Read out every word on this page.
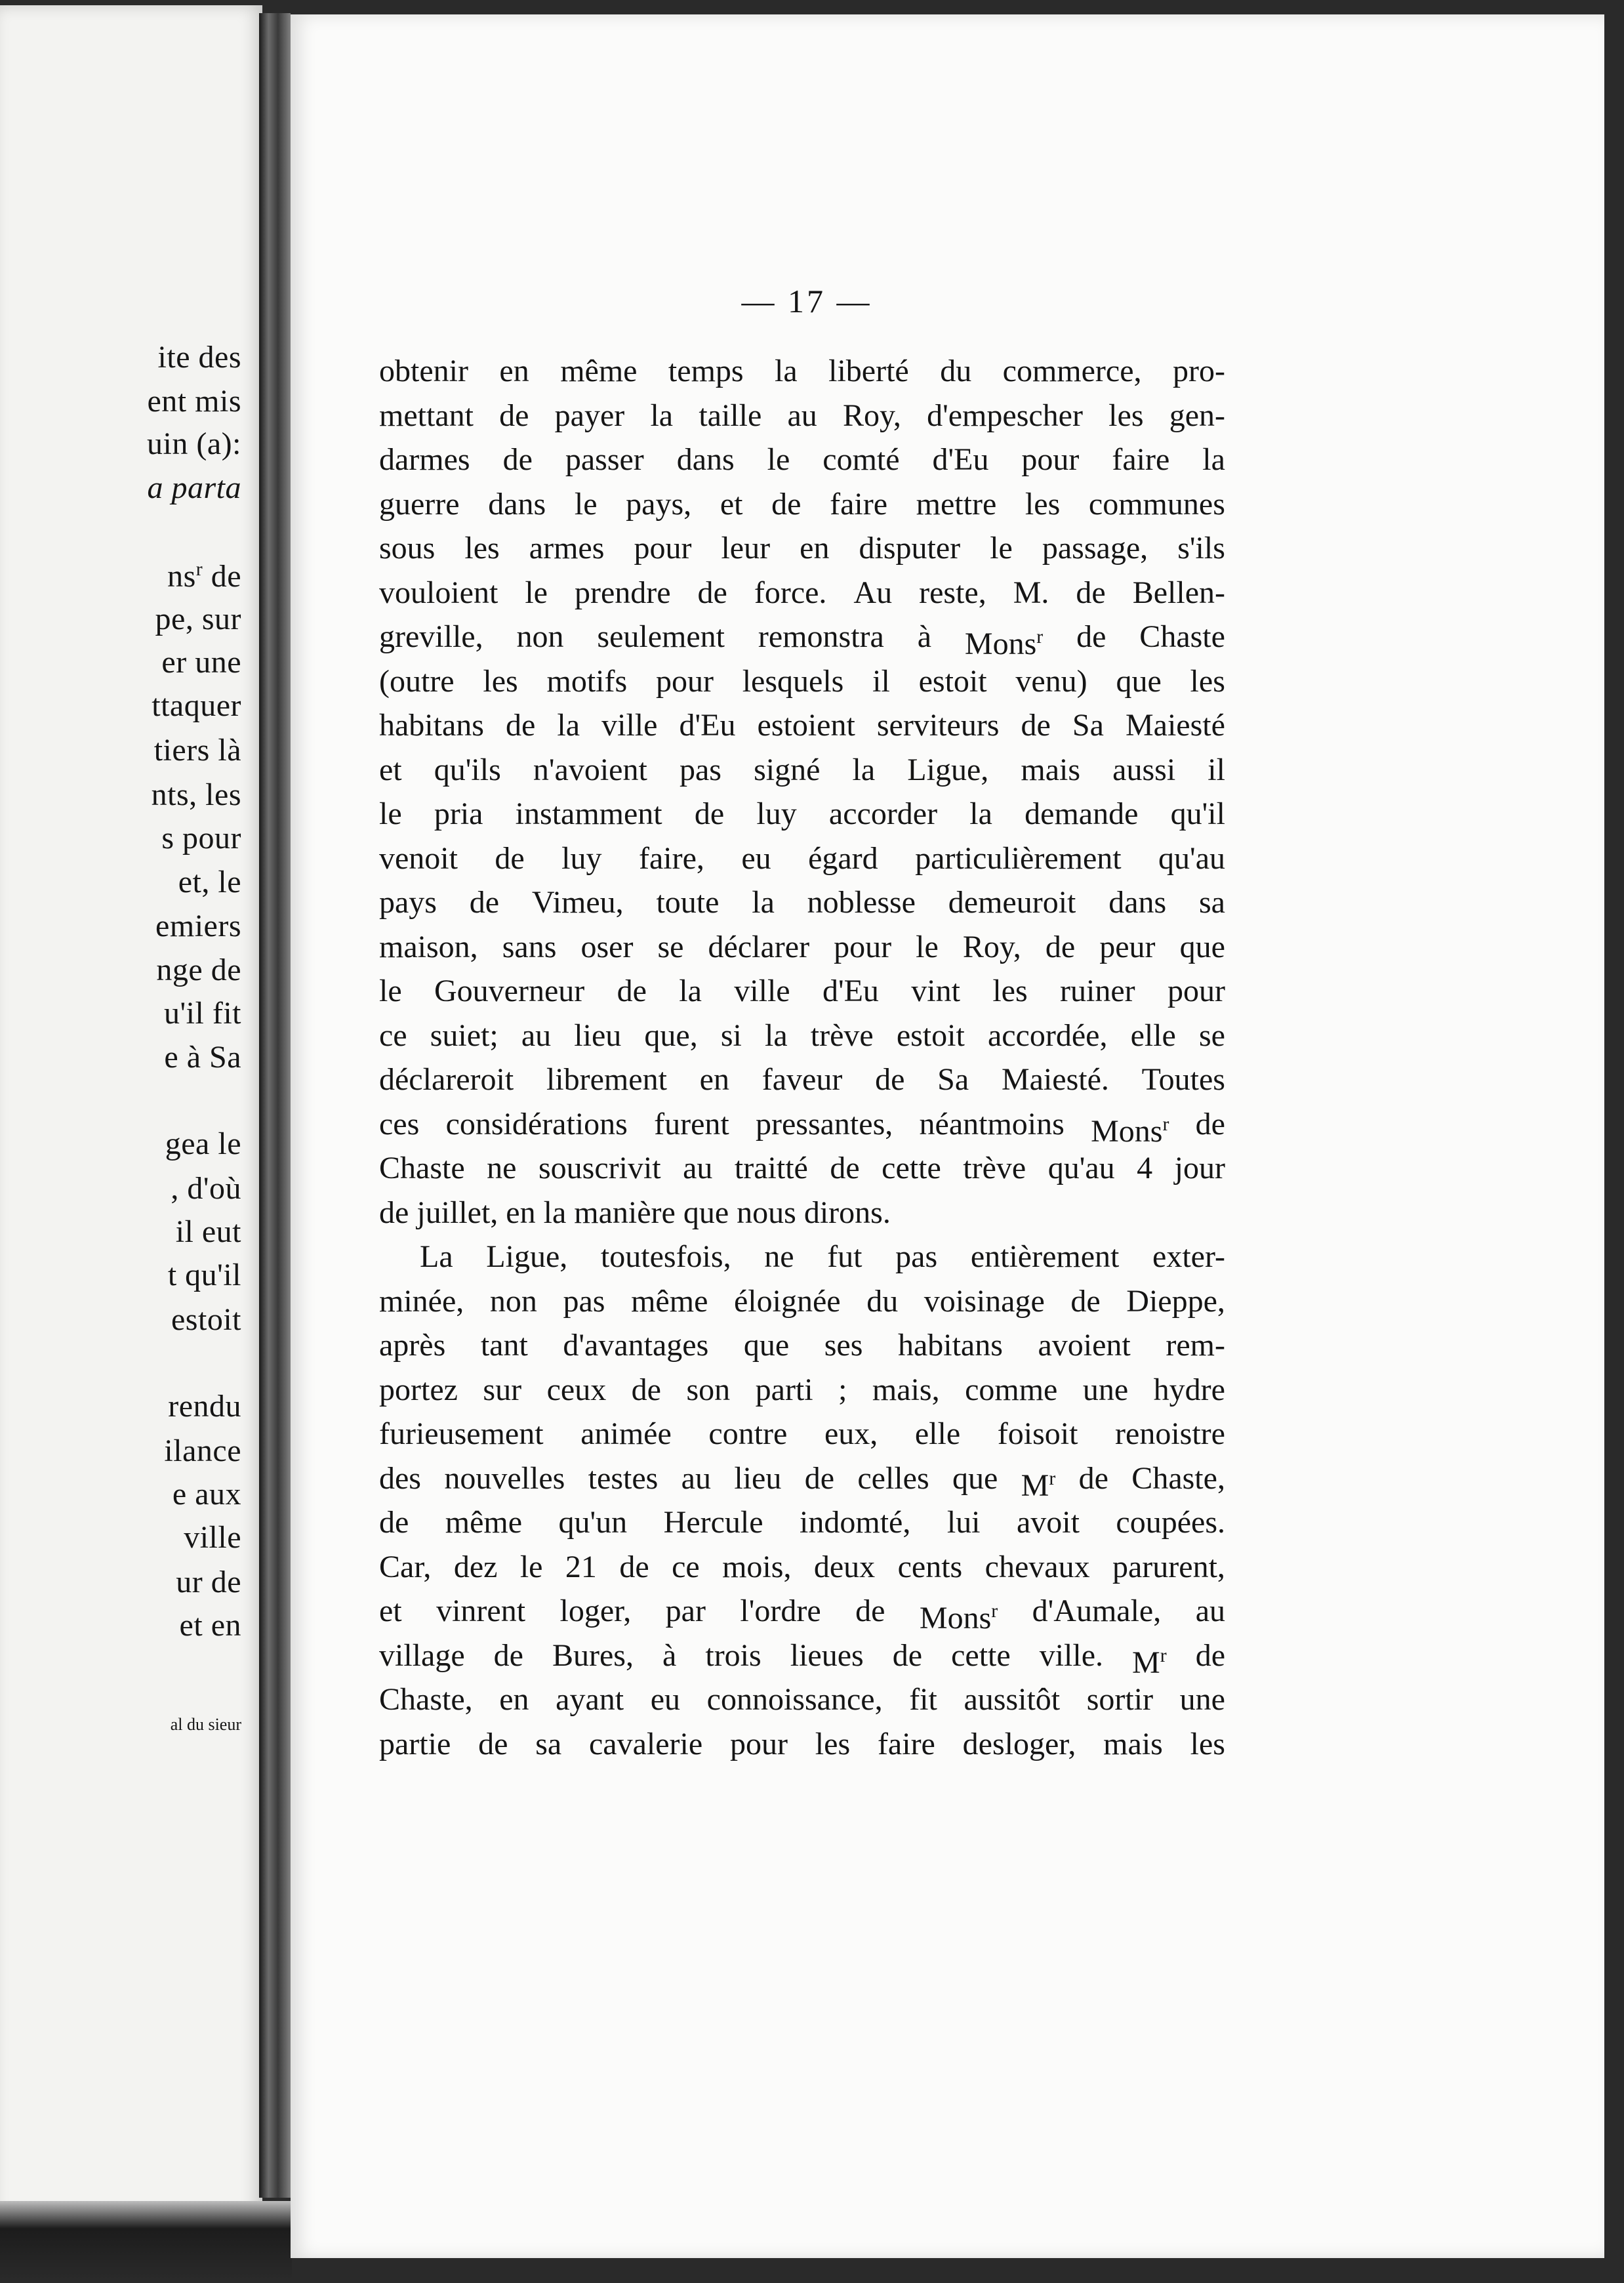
ite des
ent mis
uin (a):
a parta
$ns^r$ de
pe, sur
er une
ttaquer
tiers là
nts, les
s pour
et, le
emiers
nge de
u'il fit
e à Sa
gea le
, d'où
il eut
t qu'il
estoit
rendu
ilance
e aux
ville
ur de
et en
al du sieur
— 17 —
obtenir en même temps la liberté du commerce, pro-
mettant de payer la taille au Roy, d'empescher les gen-
darmes de passer dans le comté d'Eu pour faire la
guerre dans le pays, et de faire mettre les communes
sous les armes pour leur en disputer le passage, s'ils
vouloient le prendre de force. Au reste, M. de Bellen-
greville, non seulement remonstra à Mons$^r$ de Chaste
(outre les motifs pour lesquels il estoit venu) que les
habitans de la ville d'Eu estoient serviteurs de Sa Maiesté
et qu'ils n'avoient pas signé la Ligue, mais aussi il
le pria instamment de luy accorder la demande qu'il
venoit de luy faire, eu égard particulièrement qu'au
pays de Vimeu, toute la noblesse demeuroit dans sa
maison, sans oser se déclarer pour le Roy, de peur que
le Gouverneur de la ville d'Eu vint les ruiner pour
ce suiet; au lieu que, si la trève estoit accordée, elle se
déclareroit librement en faveur de Sa Maiesté. Toutes
ces considérations furent pressantes, néantmoins Mons$^r$ de
Chaste ne souscrivit au traitté de cette trève qu'au 4 jour
de
juillet,
en
la
manière
que
nous
dirons.
La Ligue, toutesfois, ne fut pas entièrement exter-
minée, non pas même éloignée du voisinage de Dieppe,
après tant d'avantages que ses habitans avoient rem-
portez sur ceux de son parti ; mais, comme une hydre
furieusement animée contre eux, elle foisoit renoistre
des nouvelles testes au lieu de celles que $M^r$ de Chaste,
de même qu'un Hercule indomté, lui avoit coupées.
Car, dez le 21 de ce mois, deux cents chevaux parurent,
et vinrent loger, par l'ordre de Mons$^r$ d'Aumale, au
village de Bures, à trois lieues de cette ville. $M^r$ de
Chaste, en ayant eu connoissance, fit aussitôt sortir une
partie de sa cavalerie pour les faire desloger, mais les
